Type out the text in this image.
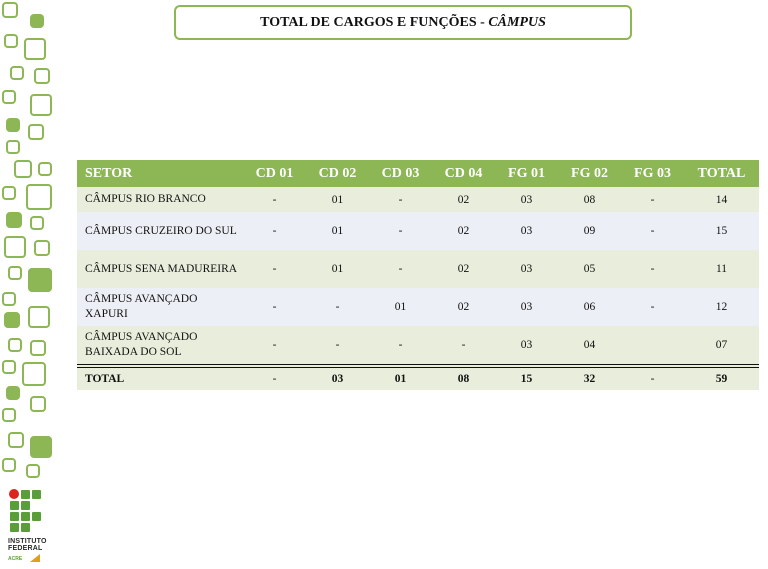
INSTITUTO
FEDERAL
ACRE
TOTAL DE CARGOS E FUNÇÕES - CÂMPUS
SETOR	CD 01	CD 02	CD 03	CD 04	FG 01	FG 02	FG 03	TOTAL
CÂMPUS RIO BRANCO	-	01	-	02	03	08	-	14
CÂMPUS CRUZEIRO DO SUL	-	01	-	02	03	09	-	15
CÂMPUS SENA MADUREIRA	-	01	-	02	03	05	-	11
CÂMPUS AVANÇADO XAPURI	-	-	01	02	03	06	-	12
CÂMPUS AVANÇADO BAIXADA DO SOL	-	-	-	-	03	04		07
TOTAL	-	03	01	08	15	32	-	59
